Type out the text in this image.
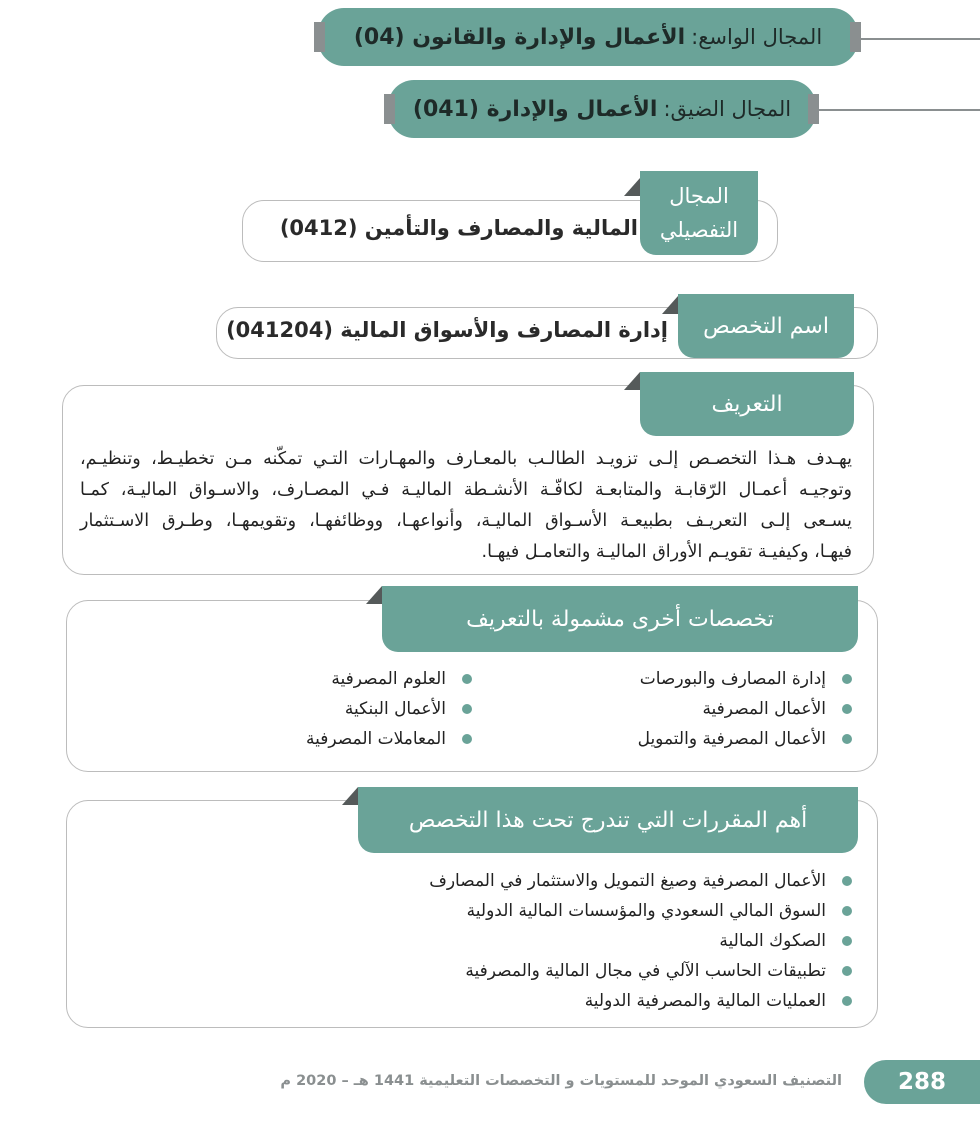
المجال الواسع:
الأعمال والإدارة والقانون (04)
المجال الضيق:
الأعمال والإدارة (041)
المالية والمصارف والتأمين (0412)
المجال
التفصيلي
إدارة المصارف والأسواق المالية (041204) اسم التخصص
التعريف
يهـدف هـذا التخصـص إلـى تزويـد الطالـب بالمعـارف والمهـارات التـي تمكّنه مـن تخطيـط، وتنظيـم،
وتوجيـه أعمـال الرّقابـة والمتابعـة لكافّـة الأنشـطة الماليـة فـي المصـارف، والاسـواق الماليـة، كمـا
يسـعى إلـى التعريـف بطبيعـة الأسـواق الماليـة، وأنواعهـا، ووظائفهـا، وتقويمهـا، وطـرق الاسـتثمار
فيهـا، وكيفيـة تقويـم الأوراق الماليـة والتعامـل فيهـا.
تخصصات أخرى مشمولة بالتعريف
إدارة المصارف والبورصات
الأعمال المصرفية
الأعمال المصرفية والتمويل
العلوم المصرفية
الأعمال البنكية
المعاملات المصرفية
أهم المقررات التي تندرج تحت هذا التخصص
الأعمال المصرفية وصيغ التمويل والاستثمار في المصارف
السوق المالي السعودي والمؤسسات المالية الدولية
الصكوك المالية
تطبيقات الحاسب الآلي في مجال المالية والمصرفية
العمليات المالية والمصرفية الدولية
التصنيف السعودي الموحد للمستويات و التخصصات التعليمية 1441 هـ – 2020 م	288
